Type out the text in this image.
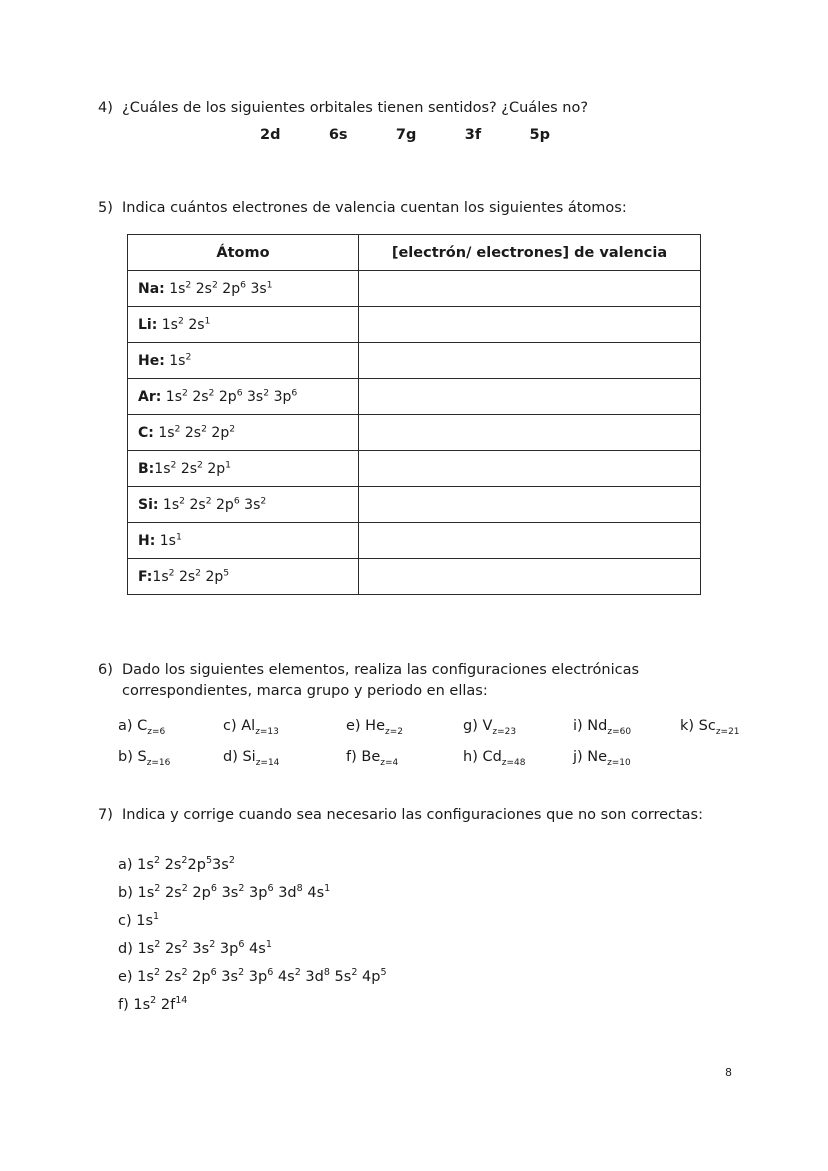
4) ¿Cuáles de los siguientes orbitales tienen sentidos? ¿Cuáles no?
2d	6s	7g	3f	5p
5) Indica cuántos electrones de valencia cuentan los siguientes átomos:
Átomo	[electrón/ electrones] de valencia
Na: $1s^2$ $2s^2$ $2p^6$ $3s^1$	
Li: $1s^2$ $2s^1$	
He: $1s^2$	
Ar: $1s^2$ $2s^2$ $2p^6$ $3s^2$ $3p^6$	
C: $1s^2$ $2s^2$ $2p^2$	
$B:1s^2$ $2s^2$ $2p^1$	
Si: $1s^2$ $2s^2$ $2p^6$ $3s^2$	
H: $1s^1$	
$F:1s^2$ $2s^2$ $2p^5$	
6) Dado los siguientes elementos, realiza las configuraciones electrónicas correspondientes, marca grupo y periodo en ellas:
a) $C_{z=6}$	c) $Al_{z=13}$	e) $He_{z=2}$	g) $V_{z=23}$	i) $Nd_{z=60}$	k) $Sc_{z=21}$
b) $S_{z=16}$	d) $Si_{z=14}$	f) $Be_{z=4}$	h) $Cd_{z=48}$	j) $Ne_{z=10}$
7) Indica y corrige cuando sea necesario las configuraciones que no son correctas:
a) $1s^2$ $2s^22p^53s^2$
b) $1s^2$ $2s^2$ $2p^6$ $3s^2$ $3p^6$ $3d^8$ $4s^1$
c) $1s^1$
d) $1s^2$ $2s^2$ $3s^2$ $3p^6$ $4s^1$
e) $1s^2$ $2s^2$ $2p^6$ $3s^2$ $3p^6$ $4s^2$ $3d^8$ $5s^2$ $4p^5$
f) $1s^2$ $2f^{14}$
8
